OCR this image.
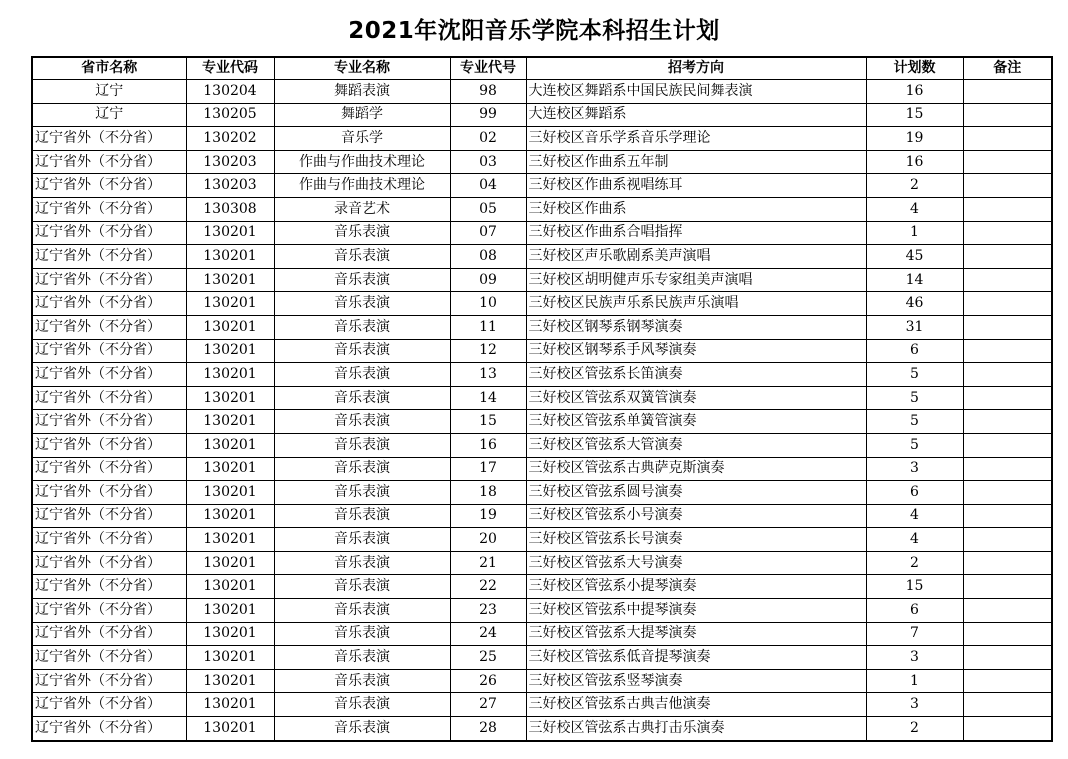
2021年沈阳音乐学院本科招生计划
省市名称	专业代码	专业名称	专业代号	招考方向	计划数	备注
辽宁	130204	舞蹈表演	98	大连校区舞蹈系中国民族民间舞表演	16	
辽宁	130205	舞蹈学	99	大连校区舞蹈系	15	
辽宁省外（不分省）	130202	音乐学	02	三好校区音乐学系音乐学理论	19	
辽宁省外（不分省）	130203	作曲与作曲技术理论	03	三好校区作曲系五年制	16	
辽宁省外（不分省）	130203	作曲与作曲技术理论	04	三好校区作曲系视唱练耳	2	
辽宁省外（不分省）	130308	录音艺术	05	三好校区作曲系	4	
辽宁省外（不分省）	130201	音乐表演	07	三好校区作曲系合唱指挥	1	
辽宁省外（不分省）	130201	音乐表演	08	三好校区声乐歌剧系美声演唱	45	
辽宁省外（不分省）	130201	音乐表演	09	三好校区胡明健声乐专家组美声演唱	14	
辽宁省外（不分省）	130201	音乐表演	10	三好校区民族声乐系民族声乐演唱	46	
辽宁省外（不分省）	130201	音乐表演	11	三好校区钢琴系钢琴演奏	31	
辽宁省外（不分省）	130201	音乐表演	12	三好校区钢琴系手风琴演奏	6	
辽宁省外（不分省）	130201	音乐表演	13	三好校区管弦系长笛演奏	5	
辽宁省外（不分省）	130201	音乐表演	14	三好校区管弦系双簧管演奏	5	
辽宁省外（不分省）	130201	音乐表演	15	三好校区管弦系单簧管演奏	5	
辽宁省外（不分省）	130201	音乐表演	16	三好校区管弦系大管演奏	5	
辽宁省外（不分省）	130201	音乐表演	17	三好校区管弦系古典萨克斯演奏	3	
辽宁省外（不分省）	130201	音乐表演	18	三好校区管弦系圆号演奏	6	
辽宁省外（不分省）	130201	音乐表演	19	三好校区管弦系小号演奏	4	
辽宁省外（不分省）	130201	音乐表演	20	三好校区管弦系长号演奏	4	
辽宁省外（不分省）	130201	音乐表演	21	三好校区管弦系大号演奏	2	
辽宁省外（不分省）	130201	音乐表演	22	三好校区管弦系小提琴演奏	15	
辽宁省外（不分省）	130201	音乐表演	23	三好校区管弦系中提琴演奏	6	
辽宁省外（不分省）	130201	音乐表演	24	三好校区管弦系大提琴演奏	7	
辽宁省外（不分省）	130201	音乐表演	25	三好校区管弦系低音提琴演奏	3	
辽宁省外（不分省）	130201	音乐表演	26	三好校区管弦系竖琴演奏	1	
辽宁省外（不分省）	130201	音乐表演	27	三好校区管弦系古典吉他演奏	3	
辽宁省外（不分省）	130201	音乐表演	28	三好校区管弦系古典打击乐演奏	2	
